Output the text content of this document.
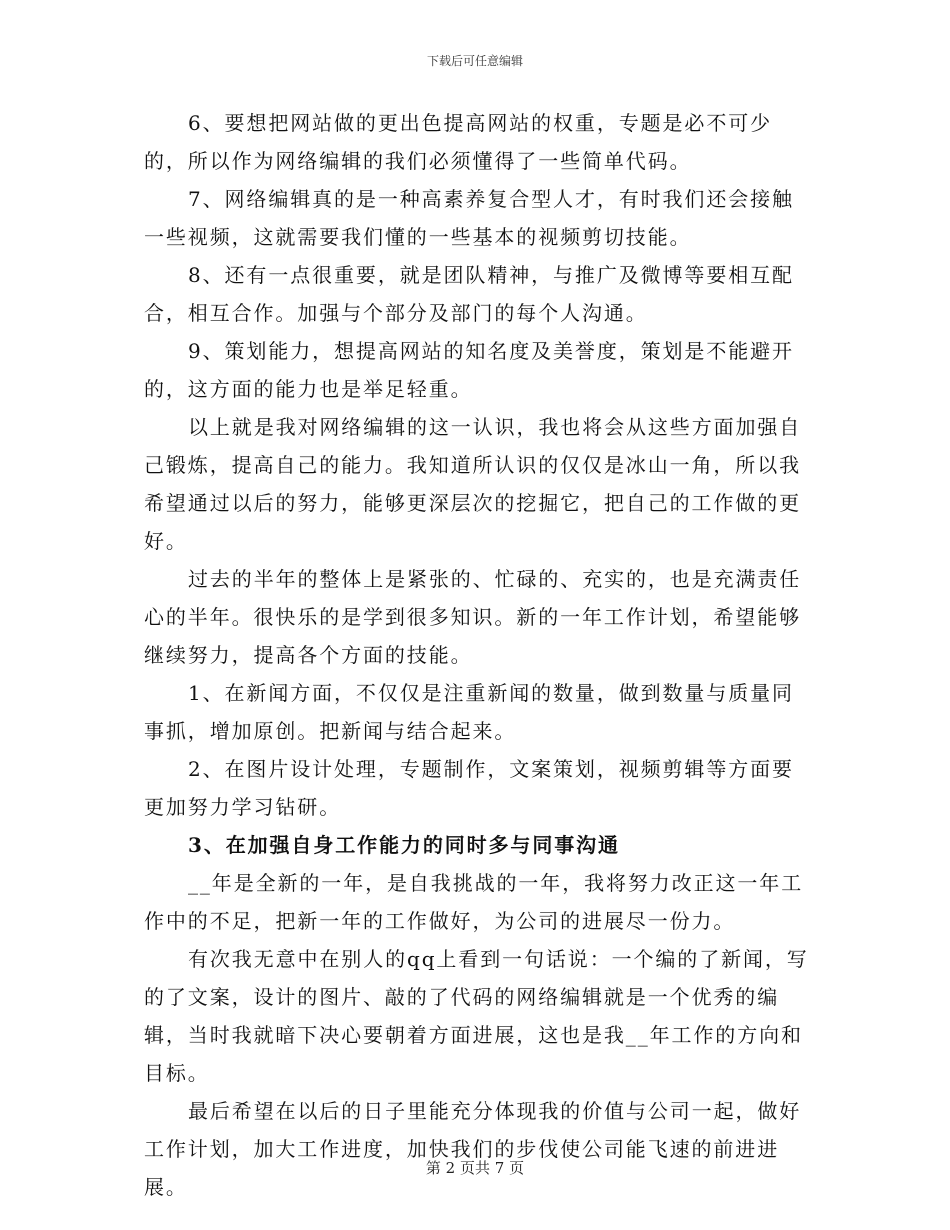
下载后可任意编辑

6、要想把网站做的更出色提高网站的权重，专题是必不可少的，所以作为网络编辑的我们必须懂得了一些简单代码。

7、网络编辑真的是一种高素养复合型人才，有时我们还会接触一些视频，这就需要我们懂的一些基本的视频剪切技能。

8、还有一点很重要，就是团队精神，与推广及微博等要相互配合，相互合作。加强与个部分及部门的每个人沟通。

9、策划能力，想提高网站的知名度及美誉度，策划是不能避开的，这方面的能力也是举足轻重。

以上就是我对网络编辑的这一认识，我也将会从这些方面加强自己锻炼，提高自己的能力。我知道所认识的仅仅是冰山一角，所以我希望通过以后的努力，能够更深层次的挖掘它，把自己的工作做的更好。

过去的半年的整体上是紧张的、忙碌的、充实的，也是充满责任心的半年。很快乐的是学到很多知识。新的一年工作计划，希望能够继续努力，提高各个方面的技能。

1、在新闻方面，不仅仅是注重新闻的数量，做到数量与质量同事抓，增加原创。把新闻与结合起来。

2、在图片设计处理，专题制作，文案策划，视频剪辑等方面要更加努力学习钻研。

3、在加强自身工作能力的同时多与同事沟通

__年是全新的一年，是自我挑战的一年，我将努力改正这一年工作中的不足，把新一年的工作做好，为公司的进展尽一份力。

有次我无意中在别人的qq上看到一句话说：一个编的了新闻，写的了文案，设计的图片、敲的了代码的网络编辑就是一个优秀的编辑，当时我就暗下决心要朝着方面进展，这也是我__年工作的方向和目标。

最后希望在以后的日子里能充分体现我的价值与公司一起，做好工作计划，加大工作进度，加快我们的步伐使公司能飞速的前进进展。

第 2 页共 7 页
